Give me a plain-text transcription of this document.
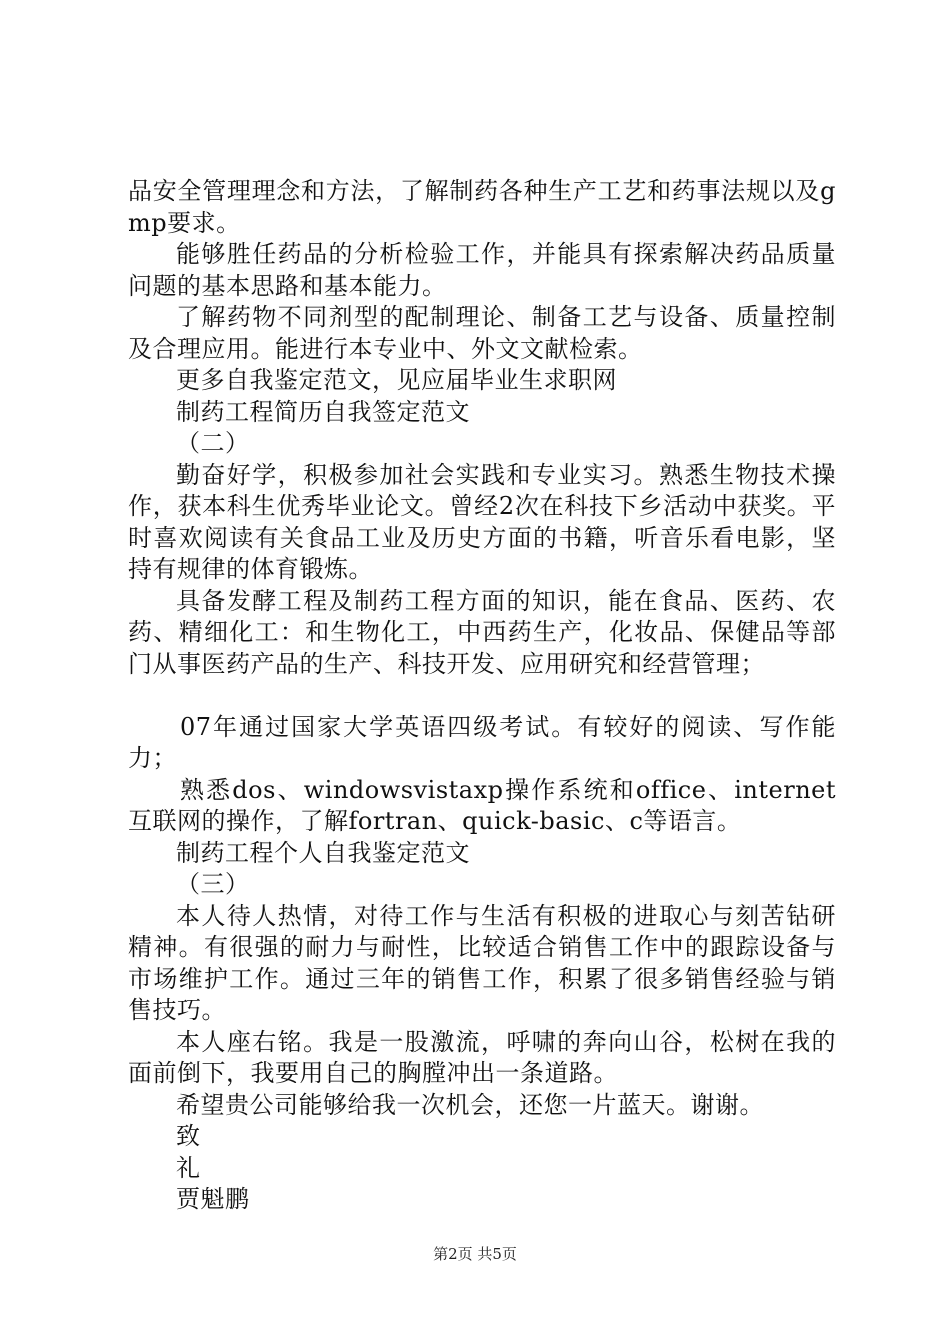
品安全管理理念和方法，了解制药各种生产工艺和药事法规以及gmp要求。

能够胜任药品的分析检验工作，并能具有探索解决药品质量问题的基本思路和基本能力。

了解药物不同剂型的配制理论、制备工艺与设备、质量控制及合理应用。能进行本专业中、外文文献检索。

更多自我鉴定范文，见应届毕业生求职网

制药工程简历自我签定范文

（二）

勤奋好学，积极参加社会实践和专业实习。熟悉生物技术操作，获本科生优秀毕业论文。曾经2次在科技下乡活动中获奖。平时喜欢阅读有关食品工业及历史方面的书籍，听音乐看电影，坚持有规律的体育锻炼。

具备发酵工程及制药工程方面的知识，能在食品、医药、农药、精细化工：和生物化工，中西药生产，化妆品、保健品等部门从事医药产品的生产、科技开发、应用研究和经营管理；

07年通过国家大学英语四级考试。有较好的阅读、写作能力；

熟悉dos、windowsvistaxp操作系统和office、internet互联网的操作，了解fortran、quick-basic、c等语言。

制药工程个人自我鉴定范文

（三）

本人待人热情，对待工作与生活有积极的进取心与刻苦钻研精神。有很强的耐力与耐性，比较适合销售工作中的跟踪设备与市场维护工作。通过三年的销售工作，积累了很多销售经验与销售技巧。

本人座右铭。我是一股激流，呼啸的奔向山谷，松树在我的面前倒下，我要用自己的胸膛冲出一条道路。

希望贵公司能够给我一次机会，还您一片蓝天。谢谢。

致

礼

贾魁鹏

第2页 共5页
